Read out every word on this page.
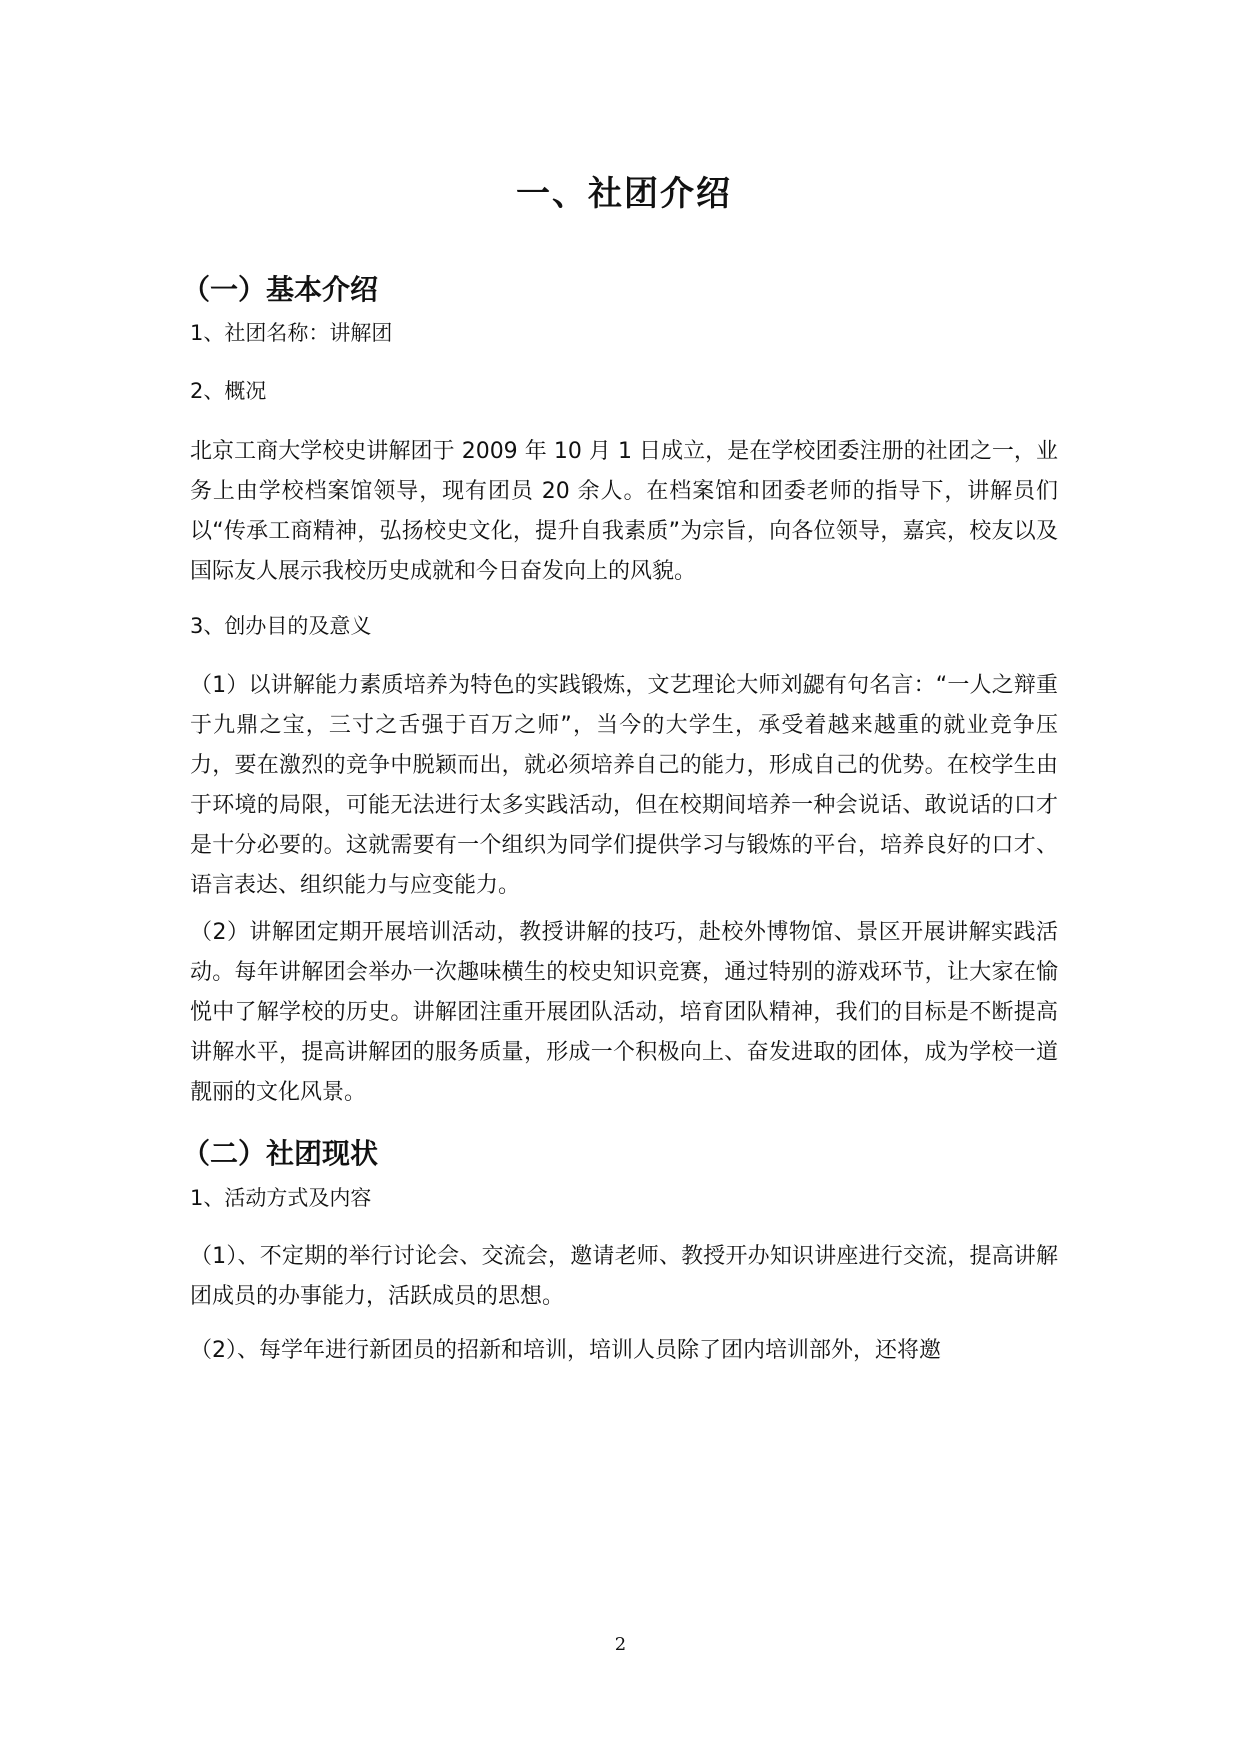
一、社团介绍
（一）基本介绍
1、社团名称：讲解团
2、概况

北京工商大学校史讲解团于 2009 年 10 月 1 日成立，是在学校团委注册的社团之一，业务上由学校档案馆领导，现有团员 20 余人。在档案馆和团委老师的指导下，讲解员们以“传承工商精神，弘扬校史文化，提升自我素质”为宗旨，向各位领导，嘉宾，校友以及国际友人展示我校历史成就和今日奋发向上的风貌。

3、创办目的及意义

（1）以讲解能力素质培养为特色的实践锻炼，文艺理论大师刘勰有句名言：“一人之辩重于九鼎之宝，三寸之舌强于百万之师”，当今的大学生，承受着越来越重的就业竞争压力，要在激烈的竞争中脱颖而出，就必须培养自己的能力，形成自己的优势。在校学生由于环境的局限，可能无法进行太多实践活动，但在校期间培养一种会说话、敢说话的口才是十分必要的。这就需要有一个组织为同学们提供学习与锻炼的平台，培养良好的口才、语言表达、组织能力与应变能力。

（2）讲解团定期开展培训活动，教授讲解的技巧，赴校外博物馆、景区开展讲解实践活动。每年讲解团会举办一次趣味横生的校史知识竞赛，通过特别的游戏环节，让大家在愉悦中了解学校的历史。讲解团注重开展团队活动，培育团队精神，我们的目标是不断提高讲解水平，提高讲解团的服务质量，形成一个积极向上、奋发进取的团体，成为学校一道靓丽的文化风景。

（二）社团现状
1、活动方式及内容

（1）、不定期的举行讨论会、交流会，邀请老师、教授开办知识讲座进行交流，提高讲解团成员的办事能力，活跃成员的思想。

（2）、每学年进行新团员的招新和培训，培训人员除了团内培训部外，还将邀

2
